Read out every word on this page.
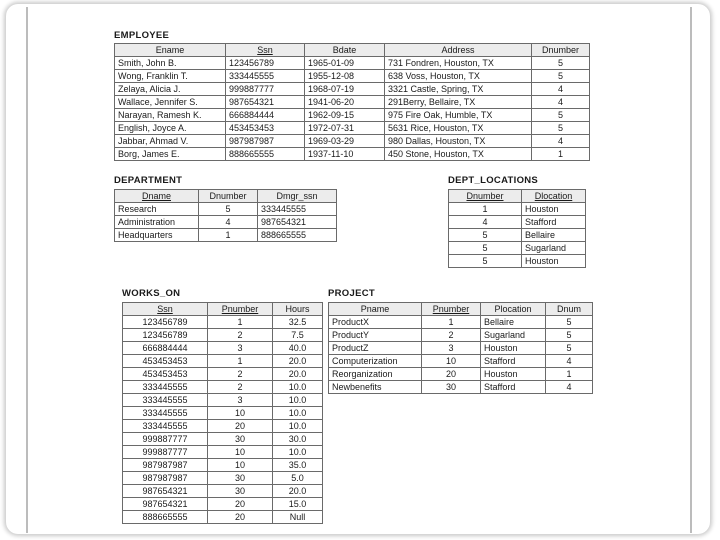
EMPLOYEE
Ename	Ssn	Bdate	Address	Dnumber
Smith, John B.	123456789	1965-01-09	731 Fondren, Houston, TX	5
Wong, Franklin T.	333445555	1955-12-08	638 Voss, Houston, TX	5
Zelaya, Alicia J.	999887777	1968-07-19	3321 Castle, Spring, TX	4
Wallace, Jennifer S.	987654321	1941-06-20	291Berry, Bellaire, TX	4
Narayan, Ramesh K.	666884444	1962-09-15	975 Fire Oak, Humble, TX	5
English, Joyce A.	453453453	1972-07-31	5631 Rice, Houston, TX	5
Jabbar, Ahmad V.	987987987	1969-03-29	980 Dallas, Houston, TX	4
Borg, James E.	888665555	1937-11-10	450 Stone, Houston, TX	1
DEPARTMENT
Dname	Dnumber	Dmgr_ssn
Research	5	333445555
Administration	4	987654321
Headquarters	1	888665555
DEPT_LOCATIONS
Dnumber	Dlocation
1	Houston
4	Stafford
5	Bellaire
5	Sugarland
5	Houston
WORKS_ON
Ssn	Pnumber	Hours
123456789	1	32.5
123456789	2	7.5
666884444	3	40.0
453453453	1	20.0
453453453	2	20.0
333445555	2	10.0
333445555	3	10.0
333445555	10	10.0
333445555	20	10.0
999887777	30	30.0
999887777	10	10.0
987987987	10	35.0
987987987	30	5.0
987654321	30	20.0
987654321	20	15.0
888665555	20	Null
PROJECT
Pname	Pnumber	Plocation	Dnum
ProductX	1	Bellaire	5
ProductY	2	Sugarland	5
ProductZ	3	Houston	5
Computerization	10	Stafford	4
Reorganization	20	Houston	1
Newbenefits	30	Stafford	4
